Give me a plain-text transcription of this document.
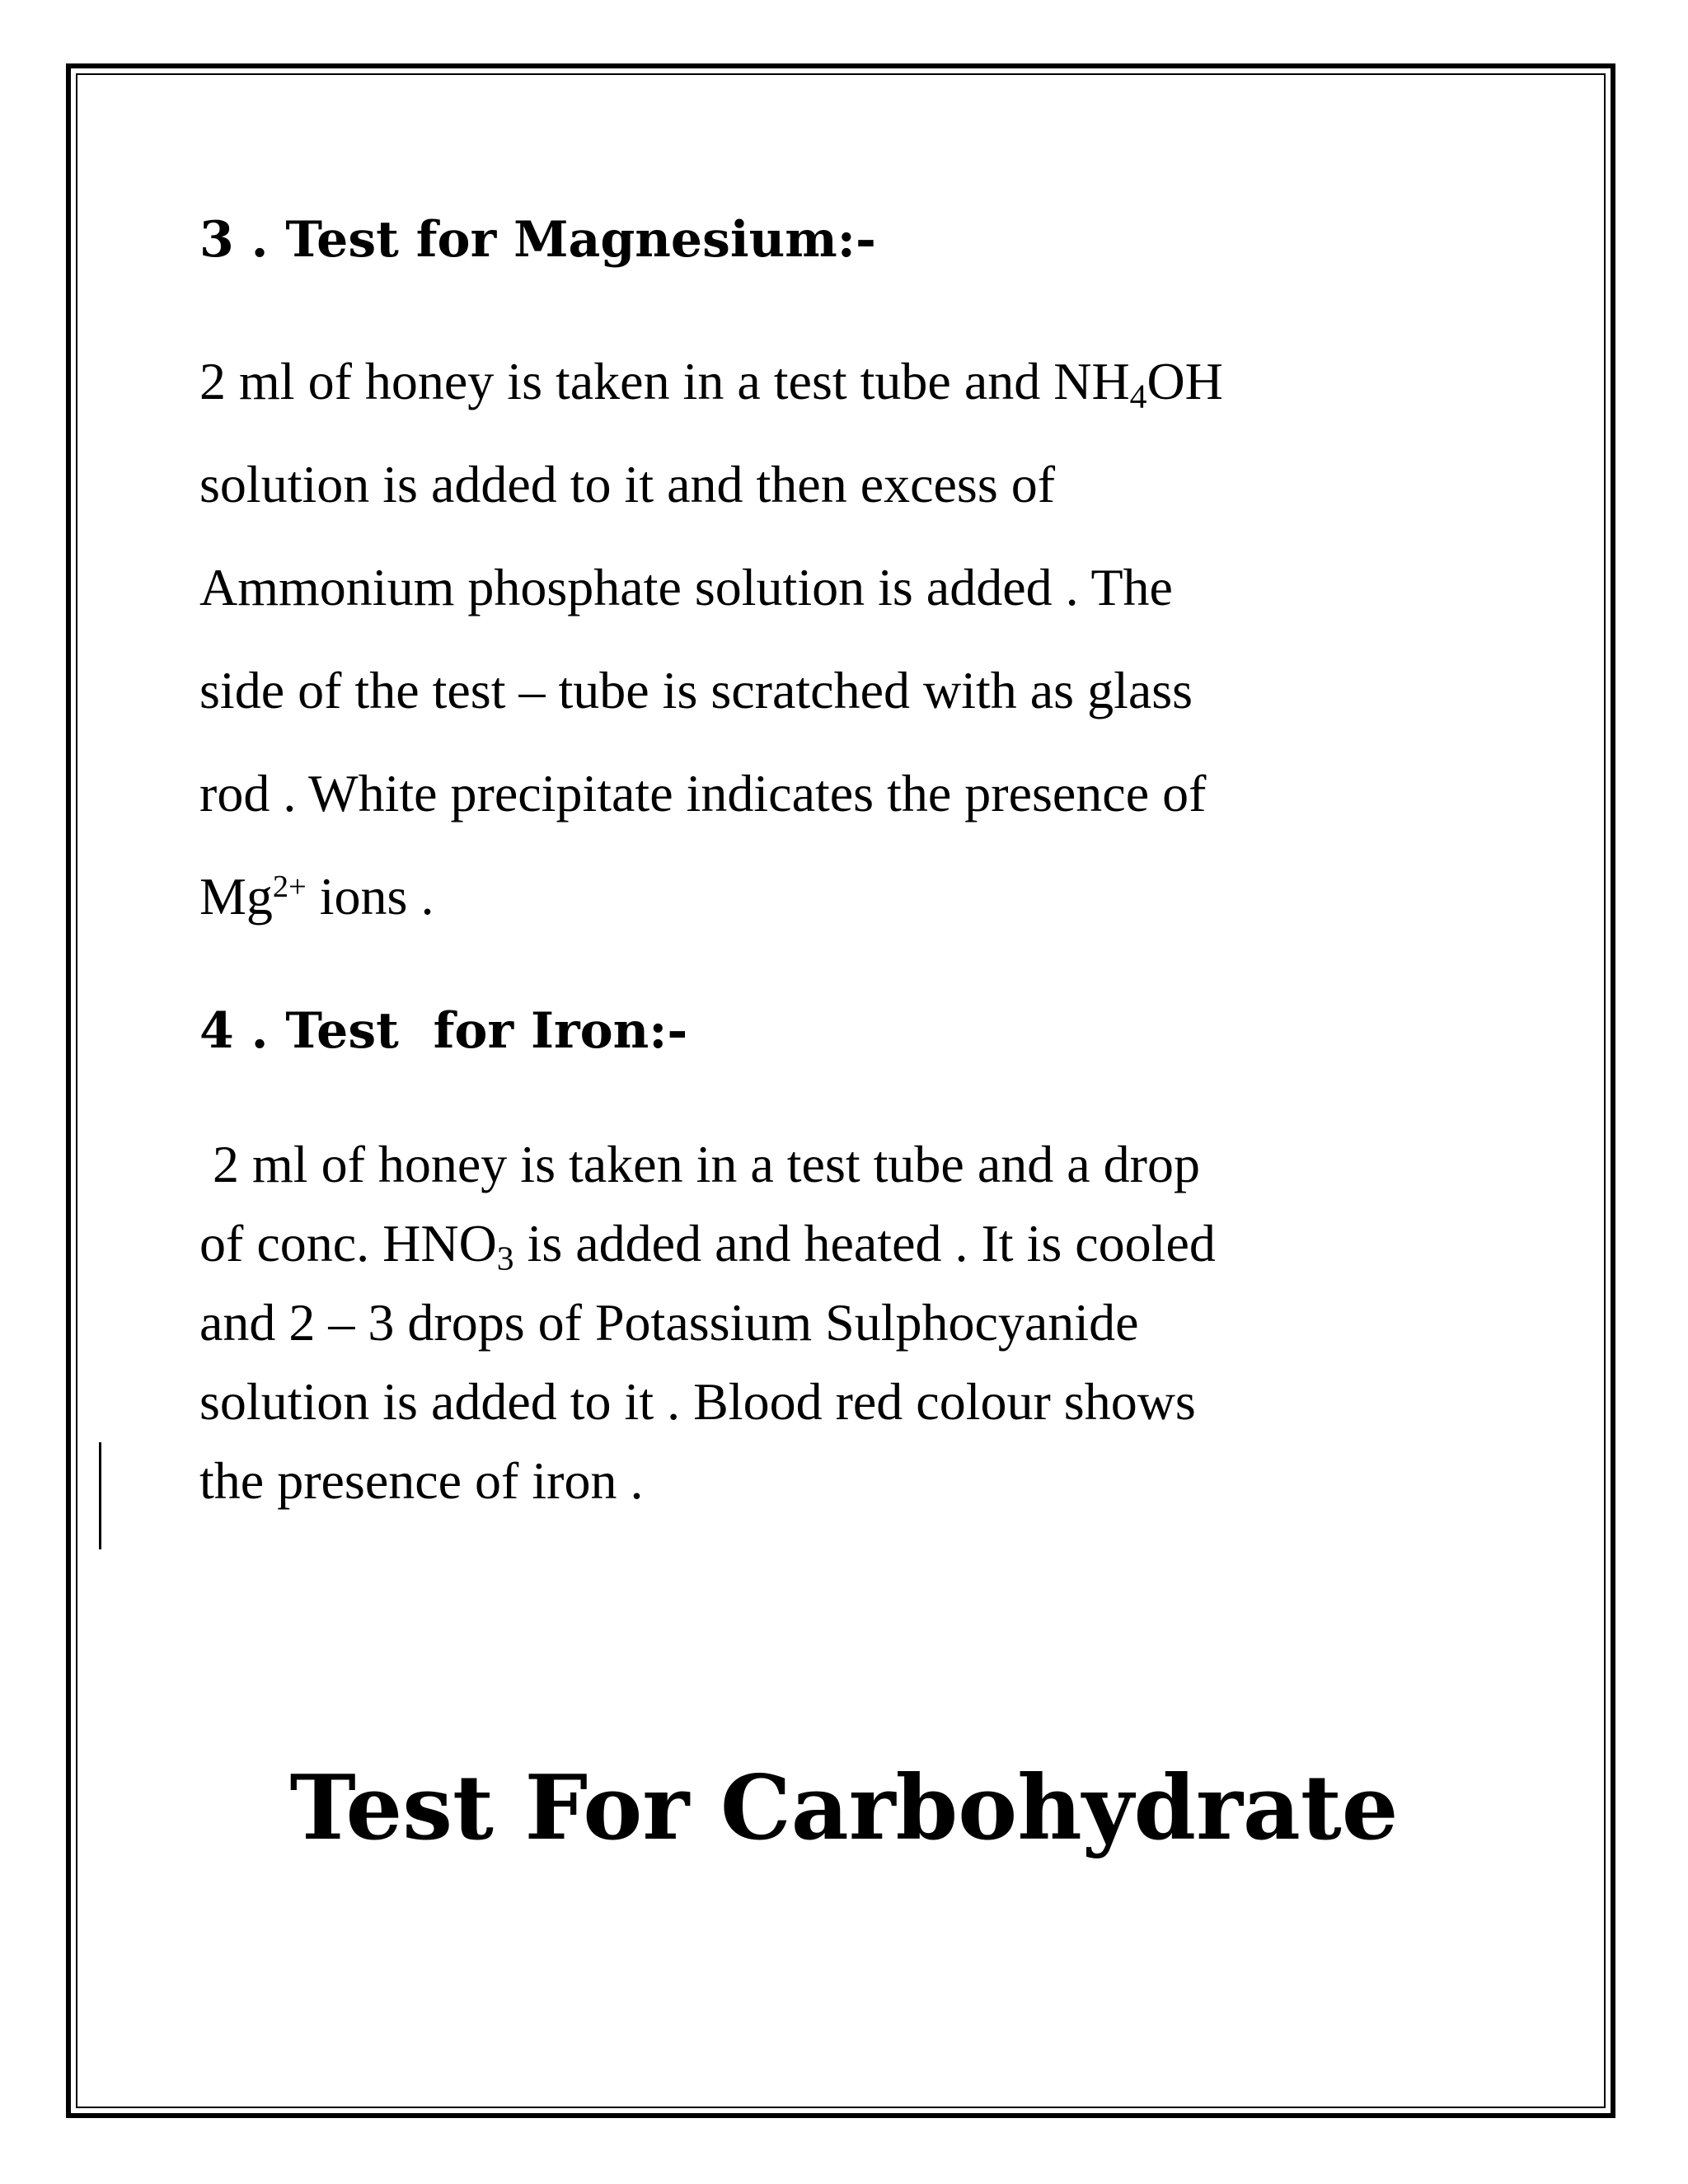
3 . Test for Magnesium:-

2 ml of honey is taken in a test tube and $NH_4OH$
solution is added to it and then excess of
Ammonium phosphate solution is added . The
side of the test – tube is scratched with as glass
rod . White precipitate indicates the presence of
$Mg^{2+}$ ions .

4 . Test  for Iron:-

2 ml of honey is taken in a test tube and a drop
of conc. $HNO_3$ is added and heated . It is cooled
and 2 – 3 drops of Potassium Sulphocyanide
solution is added to it . Blood red colour shows
the presence of iron .

Test For Carbohydrate
